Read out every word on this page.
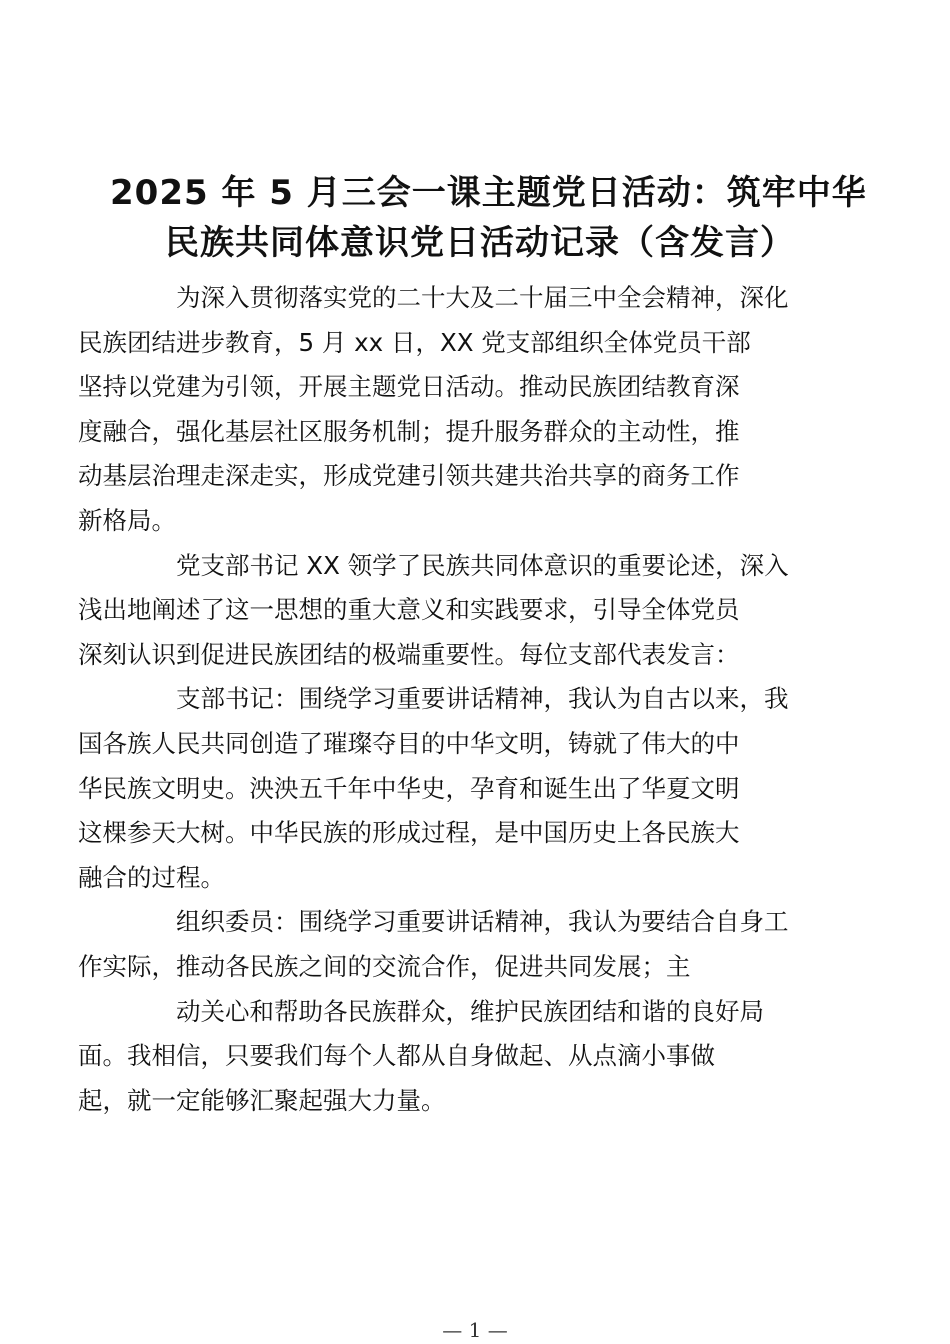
2025 年 5 月三会一课主题党日活动：筑牢中华
民族共同体意识党日活动记录（含发言）

为深入贯彻落实党的二十大及二十届三中全会精神，深化
民族团结进步教育，5 月 xx 日，XX 党支部组织全体党员干部
坚持以党建为引领，开展主题党日活动。推动民族团结教育深
度融合，强化基层社区服务机制；提升服务群众的主动性，推
动基层治理走深走实，形成党建引领共建共治共享的商务工作
新格局。

党支部书记 XX 领学了民族共同体意识的重要论述，深入
浅出地阐述了这一思想的重大意义和实践要求，引导全体党员
深刻认识到促进民族团结的极端重要性。每位支部代表发言：

支部书记：围绕学习重要讲话精神，我认为自古以来，我
国各族人民共同创造了璀璨夺目的中华文明，铸就了伟大的中
华民族文明史。泱泱五千年中华史，孕育和诞生出了华夏文明
这棵参天大树。中华民族的形成过程，是中国历史上各民族大
融合的过程。

组织委员：围绕学习重要讲话精神，我认为要结合自身工
作实际，推动各民族之间的交流合作，促进共同发展；主

动关心和帮助各民族群众，维护民族团结和谐的良好局
面。我相信，只要我们每个人都从自身做起、从点滴小事做
起，就一定能够汇聚起强大力量。

— 1 —
